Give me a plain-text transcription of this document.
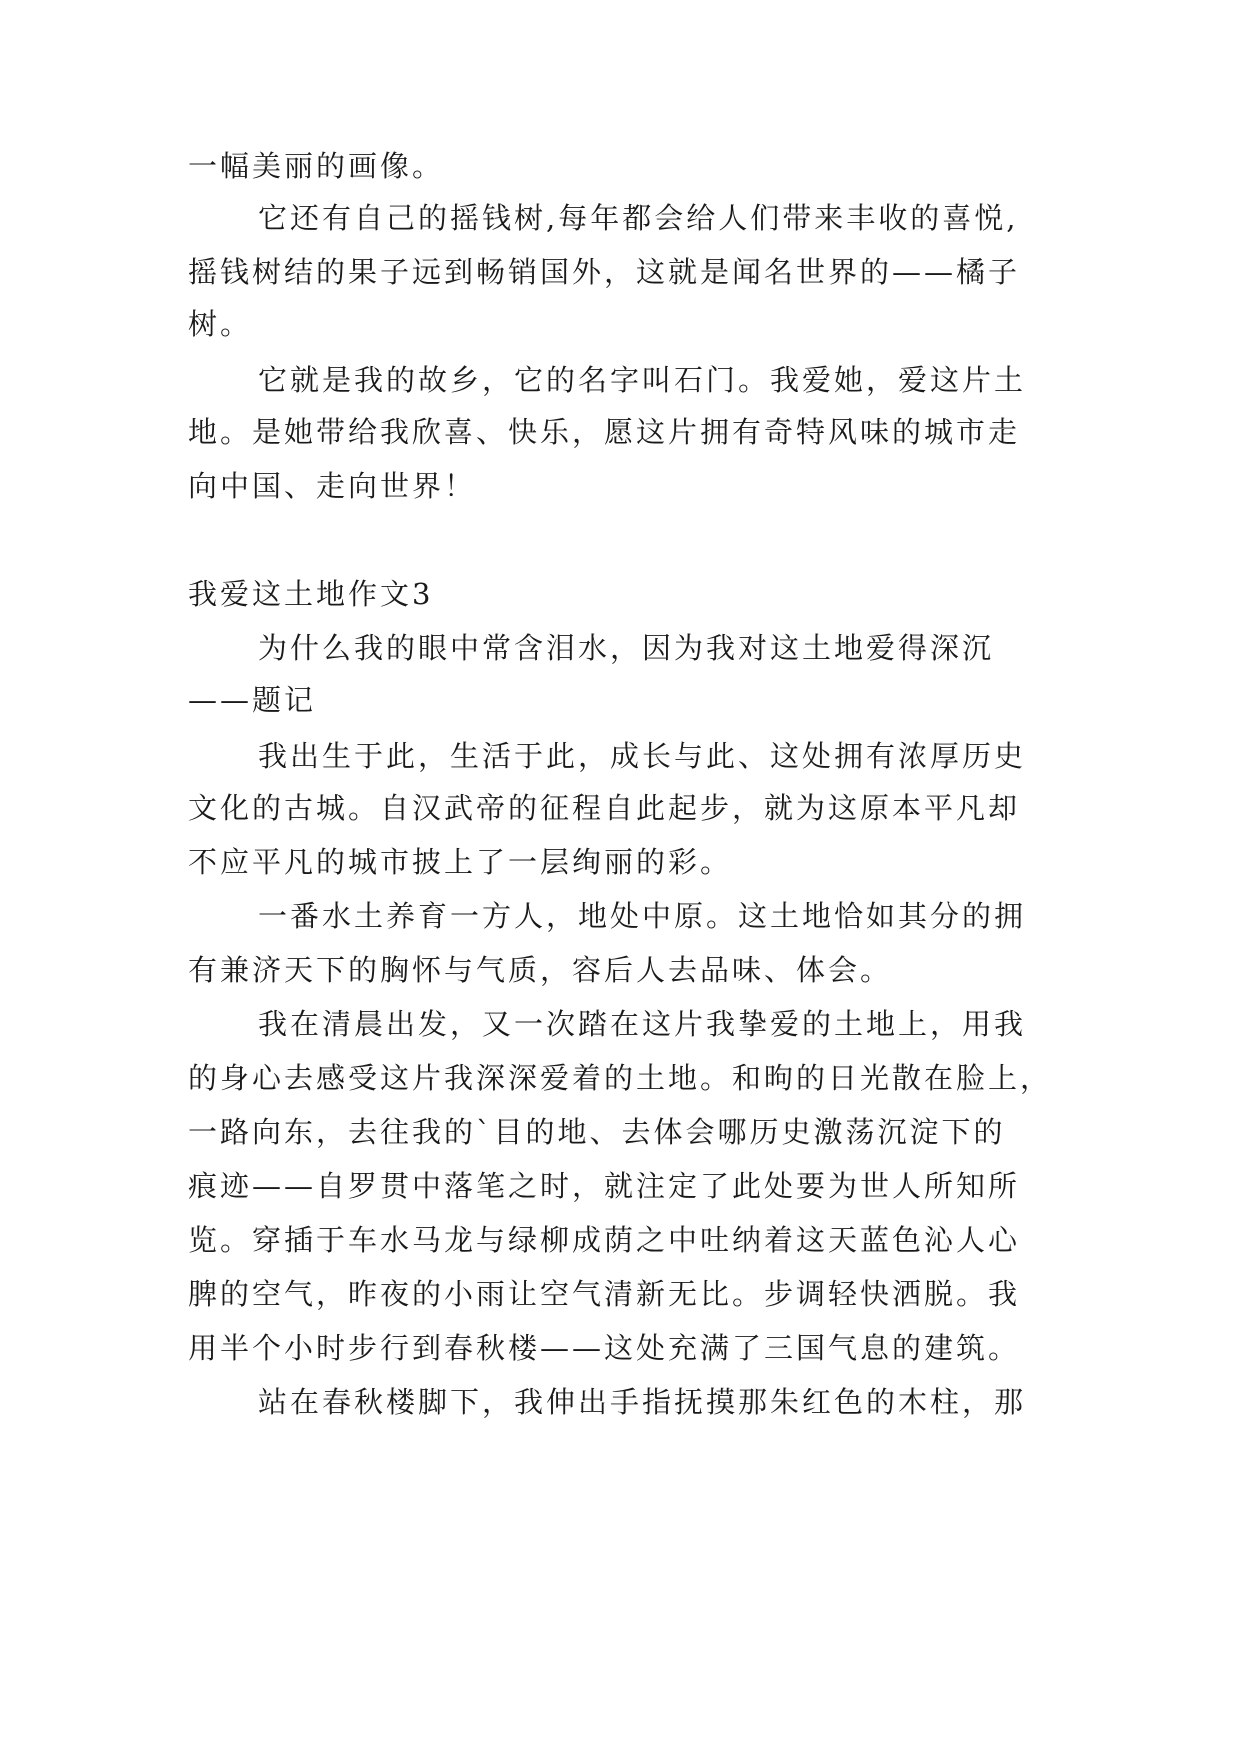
一幅美丽的画像。
它还有自己的摇钱树,每年都会给人们带来丰收的喜悦,
摇钱树结的果子远到畅销国外，这就是闻名世界的——橘子
树。
它就是我的故乡，它的名字叫石门。我爱她，爱这片土
地。是她带给我欣喜、快乐，愿这片拥有奇特风味的城市走
向中国、走向世界！
我爱这土地作文3
为什么我的眼中常含泪水，因为我对这土地爱得深沉
——题记
我出生于此，生活于此，成长与此、这处拥有浓厚历史
文化的古城。自汉武帝的征程自此起步，就为这原本平凡却
不应平凡的城市披上了一层绚丽的彩。
一番水土养育一方人，地处中原。这土地恰如其分的拥
有兼济天下的胸怀与气质，容后人去品味、体会。
我在清晨出发，又一次踏在这片我挚爱的土地上，用我
的身心去感受这片我深深爱着的土地。和昫的日光散在脸上，
一路向东，去往我的`目的地、去体会哪历史激荡沉淀下的
痕迹——自罗贯中落笔之时，就注定了此处要为世人所知所
览。穿插于车水马龙与绿柳成荫之中吐纳着这天蓝色沁人心
脾的空气，昨夜的小雨让空气清新无比。步调轻快洒脱。我
用半个小时步行到春秋楼——这处充满了三国气息的建筑。
站在春秋楼脚下，我伸出手指抚摸那朱红色的木柱，那
